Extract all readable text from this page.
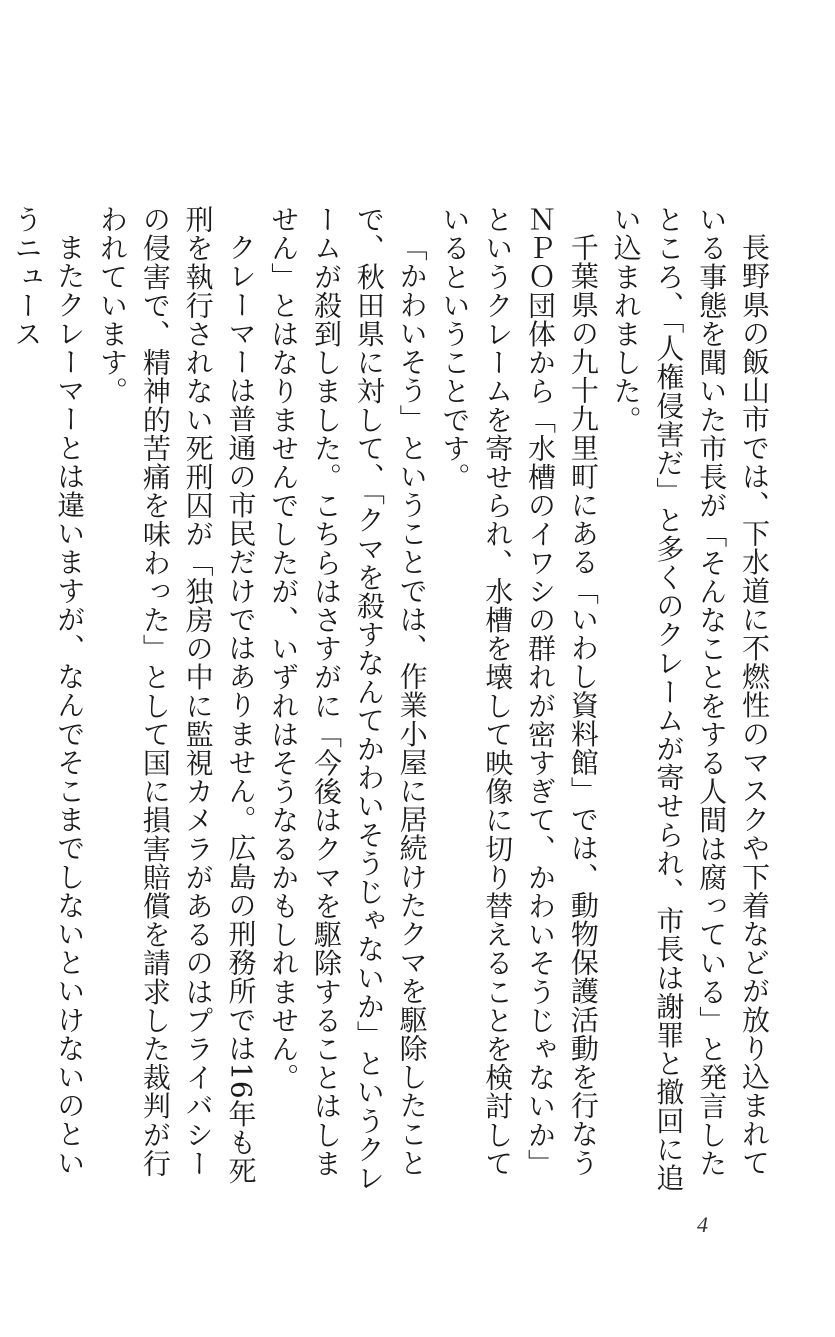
長野県の飯山市では、下水道に不燃性のマスクや下着などが放り込まれている事態を聞いた市長が「そんなことをする人間は腐っている」と発言したところ、「人権侵害だ」と多くのクレームが寄せられ、市長は謝罪と撤回に追い込まれました。

千葉県の九十九里町にある「いわし資料館」では、動物保護活動を行なうＮＰＯ団体から「水槽のイワシの群れが密すぎて、かわいそうじゃないか」というクレームを寄せられ、水槽を壊して映像に切り替えることを検討しているということです。

「かわいそう」ということでは、作業小屋に居続けたクマを駆除したことで、秋田県に対して、「クマを殺すなんてかわいそうじゃないか」というクレームが殺到しました。こちらはさすがに「今後はクマを駆除することはしません」とはなりませんでしたが、いずれはそうなるかもしれません。

クレーマーは普通の市民だけではありません。広島の刑務所では16年も死刑を執行されない死刑囚が「独房の中に監視カメラがあるのはプライバシーの侵害で、精神的苦痛を味わった」として国に損害賠償を請求した裁判が行われています。

またクレーマーとは違いますが、なんでそこまでしないといけないのというニュース

4
